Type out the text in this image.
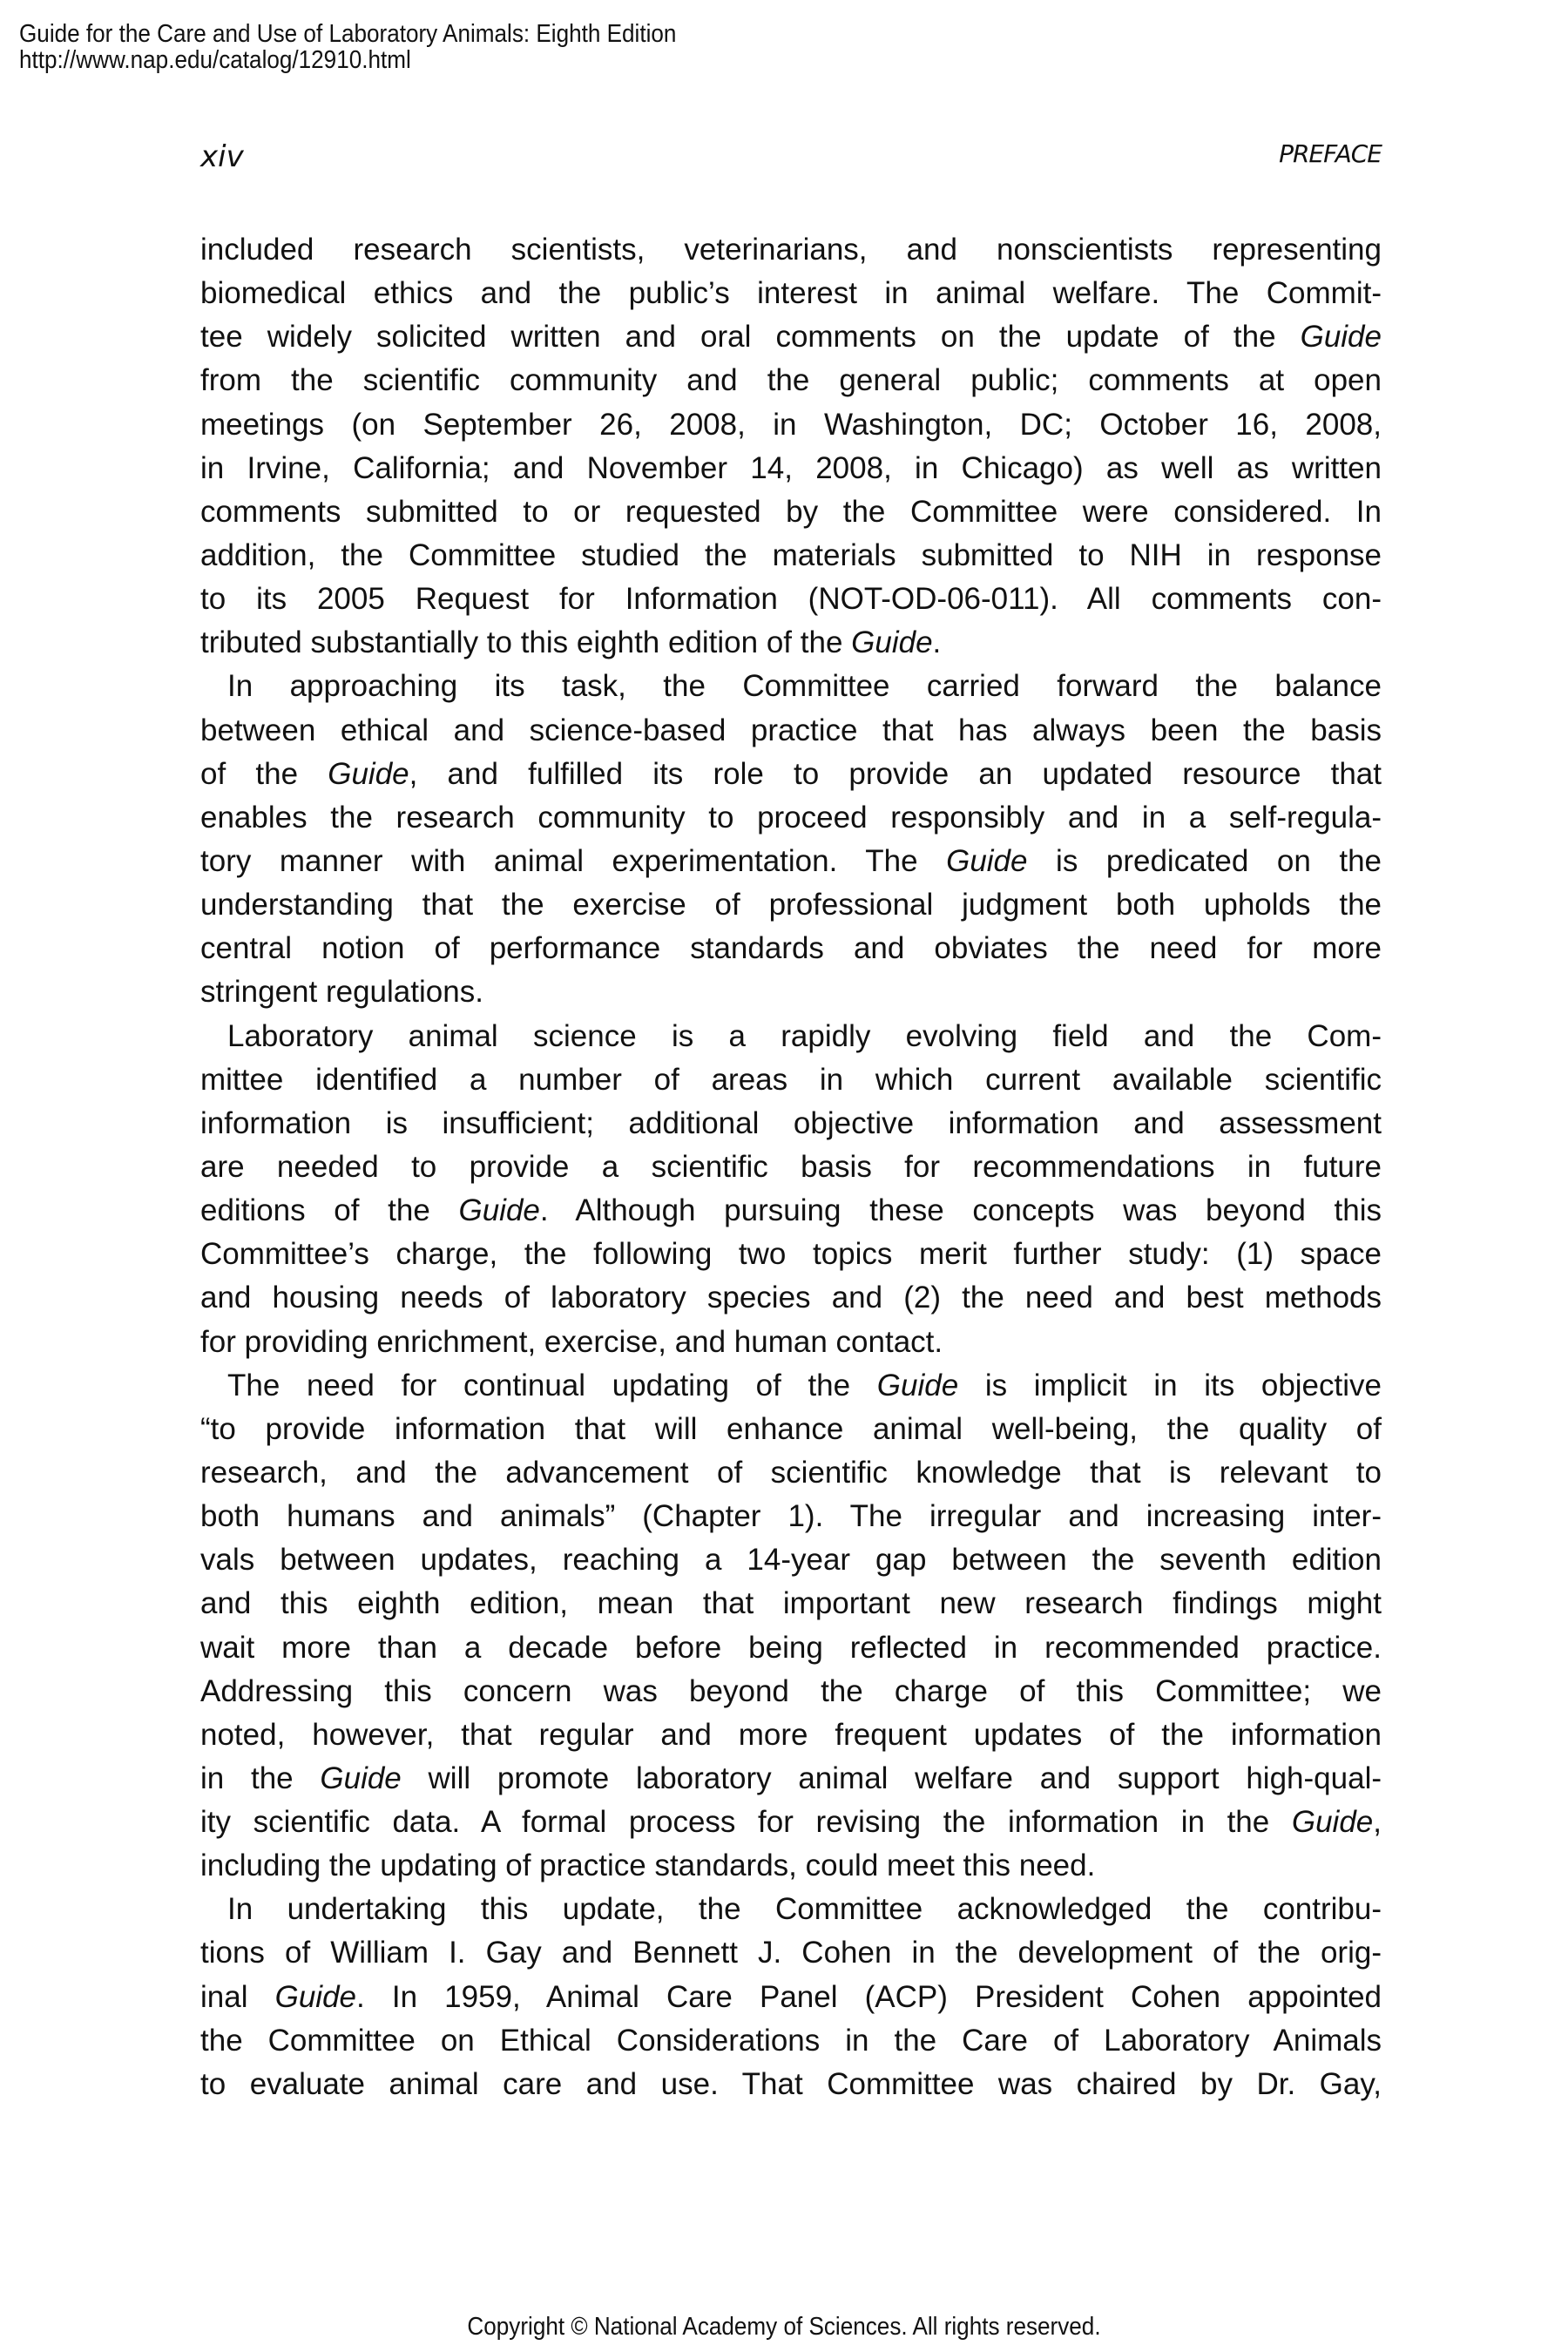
Guide for the Care and Use of Laboratory Animals: Eighth Edition
http://www.nap.edu/catalog/12910.html
xiv	PREFACE
included research scientists, veterinarians, and nonscientists representing
biomedical ethics and the public’s interest in animal welfare. The Commit-
tee widely solicited written and oral comments on the update of the Guide
from the scientific community and the general public; comments at open
meetings (on September 26, 2008, in Washington, DC; October 16, 2008,
in Irvine, California; and November 14, 2008, in Chicago) as well as written
comments submitted to or requested by the Committee were considered. In
addition, the Committee studied the materials submitted to NIH in response
to its 2005 Request for Information (NOT-OD-06-011). All comments con-
tributed substantially to this eighth edition of the Guide.
In approaching its task, the Committee carried forward the balance
between ethical and science-based practice that has always been the basis
of the Guide, and fulfilled its role to provide an updated resource that
enables the research community to proceed responsibly and in a self-regula-
tory manner with animal experimentation. The Guide is predicated on the
understanding that the exercise of professional judgment both upholds the
central notion of performance standards and obviates the need for more
stringent regulations.
Laboratory animal science is a rapidly evolving field and the Com-
mittee identified a number of areas in which current available scientific
information is insufficient; additional objective information and assessment
are needed to provide a scientific basis for recommendations in future
editions of the Guide. Although pursuing these concepts was beyond this
Committee’s charge, the following two topics merit further study: (1) space
and housing needs of laboratory species and (2) the need and best methods
for providing enrichment, exercise, and human contact.
The need for continual updating of the Guide is implicit in its objective
“to provide information that will enhance animal well-being, the quality of
research, and the advancement of scientific knowledge that is relevant to
both humans and animals” (Chapter 1). The irregular and increasing inter-
vals between updates, reaching a 14-year gap between the seventh edition
and this eighth edition, mean that important new research findings might
wait more than a decade before being reflected in recommended practice.
Addressing this concern was beyond the charge of this Committee; we
noted, however, that regular and more frequent updates of the information
in the Guide will promote laboratory animal welfare and support high-qual-
ity scientific data. A formal process for revising the information in the Guide,
including the updating of practice standards, could meet this need.
In undertaking this update, the Committee acknowledged the contribu-
tions of William I. Gay and Bennett J. Cohen in the development of the orig-
inal Guide. In 1959, Animal Care Panel (ACP) President Cohen appointed
the Committee on Ethical Considerations in the Care of Laboratory Animals
to evaluate animal care and use. That Committee was chaired by Dr. Gay,
Copyright © National Academy of Sciences. All rights reserved.
